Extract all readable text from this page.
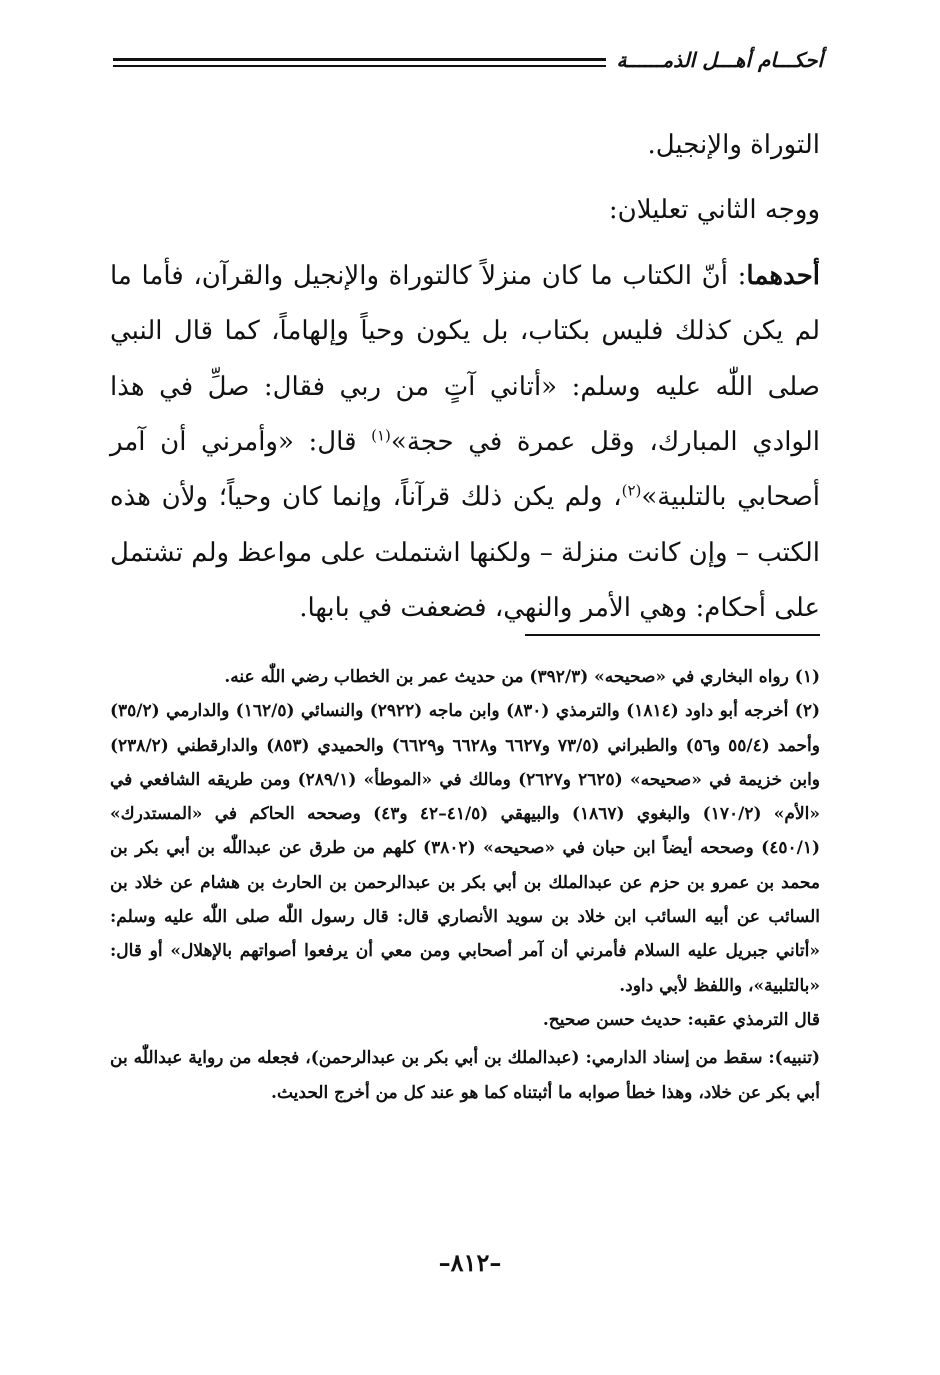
أحكـــام أهـــل الذمــــــة

التوراة والإنجيل.

ووجه الثاني تعليلان:

أحدهما: أنّ الكتاب ما كان منزلاً كالتوراة والإنجيل والقرآن، فأما ما لم يكن كذلك فليس بكتاب، بل يكون وحياً وإلهاماً، كما قال النبي صلى اللّٰه عليه وسلم: «أتاني آتٍ من ربي فقال: صلِّ في هذا الوادي المبارك، وقل عمرة في حجة»$^{(١)}$ قال: «وأمرني أن آمر أصحابي بالتلبية»$^{(٢)}$، ولم يكن ذلك قرآناً، وإنما كان وحياً؛ ولأن هذه الكتب – وإن كانت منزلة – ولكنها اشتملت على مواعظ ولم تشتمل على أحكام: وهي الأمر والنهي، فضعفت في بابها.

(١) رواه البخاري في «صحيحه» (٣٩٢/٣) من حديث عمر بن الخطاب رضي اللّٰه عنه.

(٢) أخرجه أبو داود (١٨١٤) والترمذي (٨٣٠) وابن ماجه (٢٩٢٢) والنسائي (١٦٢/٥) والدارمي (٣٥/٢) وأحمد (٥٥/٤ و٥٦) والطبراني (٧٣/٥ و٦٦٢٧ و٦٦٢٨ و٦٦٢٩) والحميدي (٨٥٣) والدارقطني (٢٣٨/٢) وابن خزيمة في «صحيحه» (٢٦٢٥ و٢٦٢٧) ومالك في «الموطأ» (٢٨٩/١) ومن طريقه الشافعي في «الأم» (١٧٠/٢) والبغوي (١٨٦٧) والبيهقي (٤١/٥–٤٢ و٤٣) وصححه الحاكم في «المستدرك» (٤٥٠/١) وصححه أيضاً ابن حبان في «صحيحه» (٣٨٠٢) كلهم من طرق عن عبداللّٰه بن أبي بكر بن محمد بن عمرو بن حزم عن عبدالملك بن أبي بكر بن عبدالرحمن بن الحارث بن هشام عن خلاد بن السائب عن أبيه السائب ابن خلاد بن سويد الأنصاري قال: قال رسول اللّٰه صلى اللّٰه عليه وسلم: «أتاني جبريل عليه السلام فأمرني أن آمر أصحابي ومن معي أن يرفعوا أصواتهم بالإهلال» أو قال: «بالتلبية»، واللفظ لأبي داود.

قال الترمذي عقبه: حديث حسن صحيح.

(تنبيه): سقط من إسناد الدارمي: (عبدالملك بن أبي بكر بن عبدالرحمن)، فجعله من رواية عبداللّٰه بن أبي بكر عن خلاد، وهذا خطأ صوابه ما أثبتناه كما هو عند كل من أخرج الحديث.

–٨١٢–
